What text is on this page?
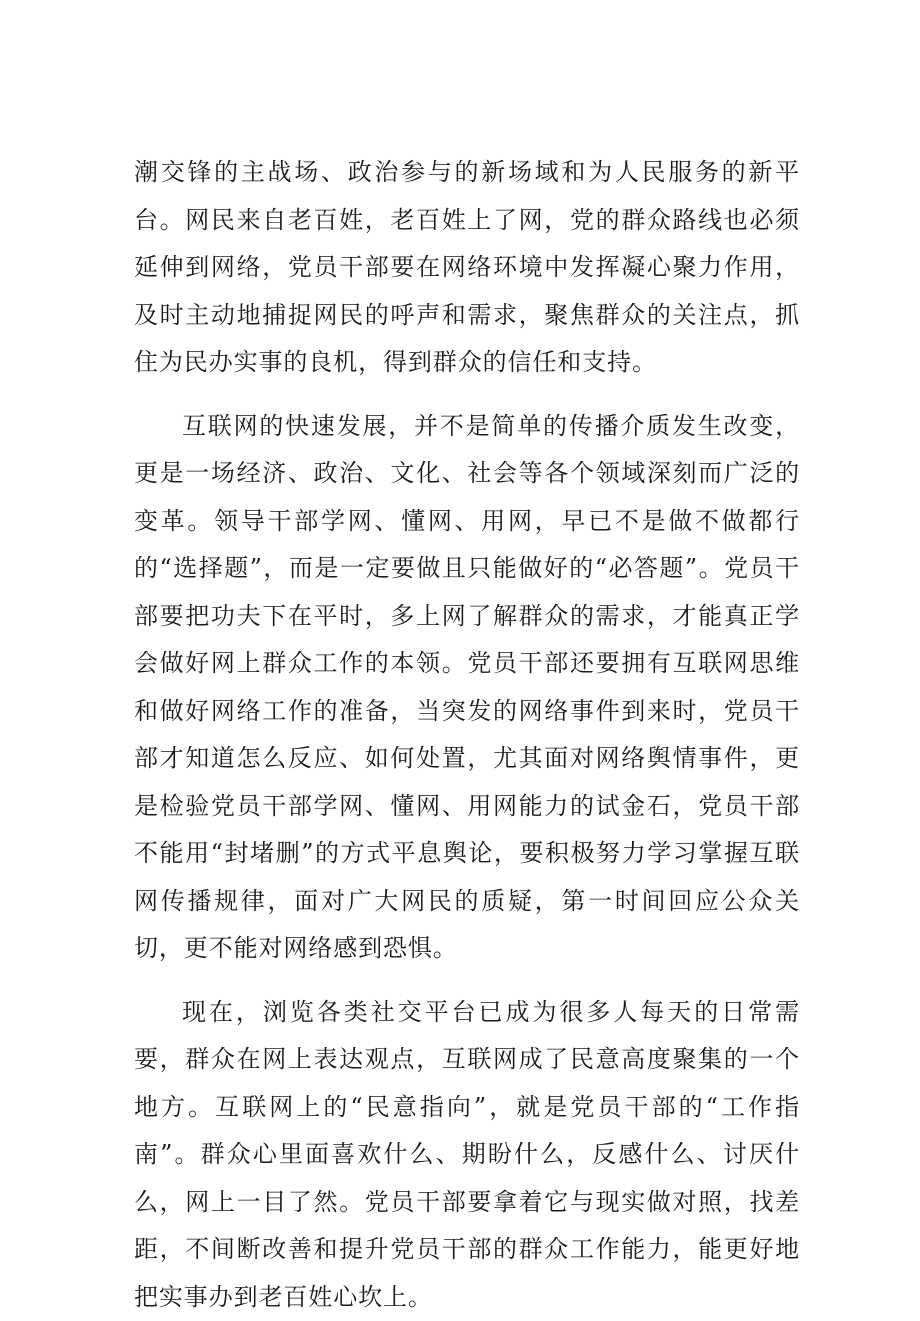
潮交锋的主战场、政治参与的新场域和为人民服务的新平台。网民来自老百姓，老百姓上了网，党的群众路线也必须延伸到网络，党员干部要在网络环境中发挥凝心聚力作用，及时主动地捕捉网民的呼声和需求，聚焦群众的关注点，抓住为民办实事的良机，得到群众的信任和支持。

互联网的快速发展，并不是简单的传播介质发生改变，更是一场经济、政治、文化、社会等各个领域深刻而广泛的变革。领导干部学网、懂网、用网，早已不是做不做都行的“选择题”，而是一定要做且只能做好的“必答题”。党员干部要把功夫下在平时，多上网了解群众的需求，才能真正学会做好网上群众工作的本领。党员干部还要拥有互联网思维和做好网络工作的准备，当突发的网络事件到来时，党员干部才知道怎么反应、如何处置，尤其面对网络舆情事件，更是检验党员干部学网、懂网、用网能力的试金石，党员干部不能用“封堵删”的方式平息舆论，要积极努力学习掌握互联网传播规律，面对广大网民的质疑，第一时间回应公众关切，更不能对网络感到恐惧。

现在，浏览各类社交平台已成为很多人每天的日常需要，群众在网上表达观点，互联网成了民意高度聚集的一个地方。互联网上的“民意指向”，就是党员干部的“工作指南”。群众心里面喜欢什么、期盼什么，反感什么、讨厌什么，网上一目了然。党员干部要拿着它与现实做对照，找差距，不间断改善和提升党员干部的群众工作能力，能更好地把实事办到老百姓心坎上。
